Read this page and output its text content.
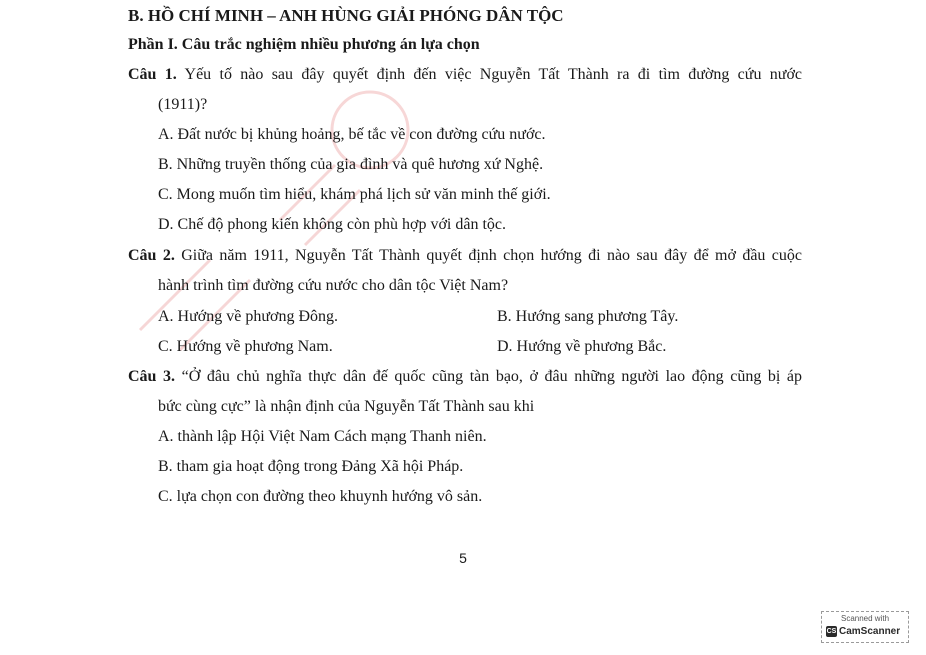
B. HỒ CHÍ MINH – ANH HÙNG GIẢI PHÓNG DÂN TỘC
Phần I. Câu trắc nghiệm nhiều phương án lựa chọn
Câu 1. Yếu tố nào sau đây quyết định đến việc Nguyễn Tất Thành ra đi tìm đường cứu nước
(1911)?
A. Đất nước bị khủng hoảng, bế tắc về con đường cứu nước.
B. Những truyền thống của gia đình và quê hương xứ Nghệ.
C. Mong muốn tìm hiểu, khám phá lịch sử văn minh thế giới.
D. Chế độ phong kiến không còn phù hợp với dân tộc.
Câu 2. Giữa năm 1911, Nguyễn Tất Thành quyết định chọn hướng đi nào sau đây để mở đầu cuộc
hành trình tìm đường cứu nước cho dân tộc Việt Nam?
A. Hướng về phương Đông.	B. Hướng sang phương Tây.
C. Hướng về phương Nam.	D. Hướng về phương Bắc.
Câu 3. “Ở đâu chủ nghĩa thực dân đế quốc cũng tàn bạo, ở đâu những người lao động cũng bị áp
bức cùng cực” là nhận định của Nguyễn Tất Thành sau khi
A. thành lập Hội Việt Nam Cách mạng Thanh niên.
B. tham gia hoạt động trong Đảng Xã hội Pháp.
C. lựa chọn con đường theo khuynh hướng vô sản.
5
Scanned with
CS CamScanner
